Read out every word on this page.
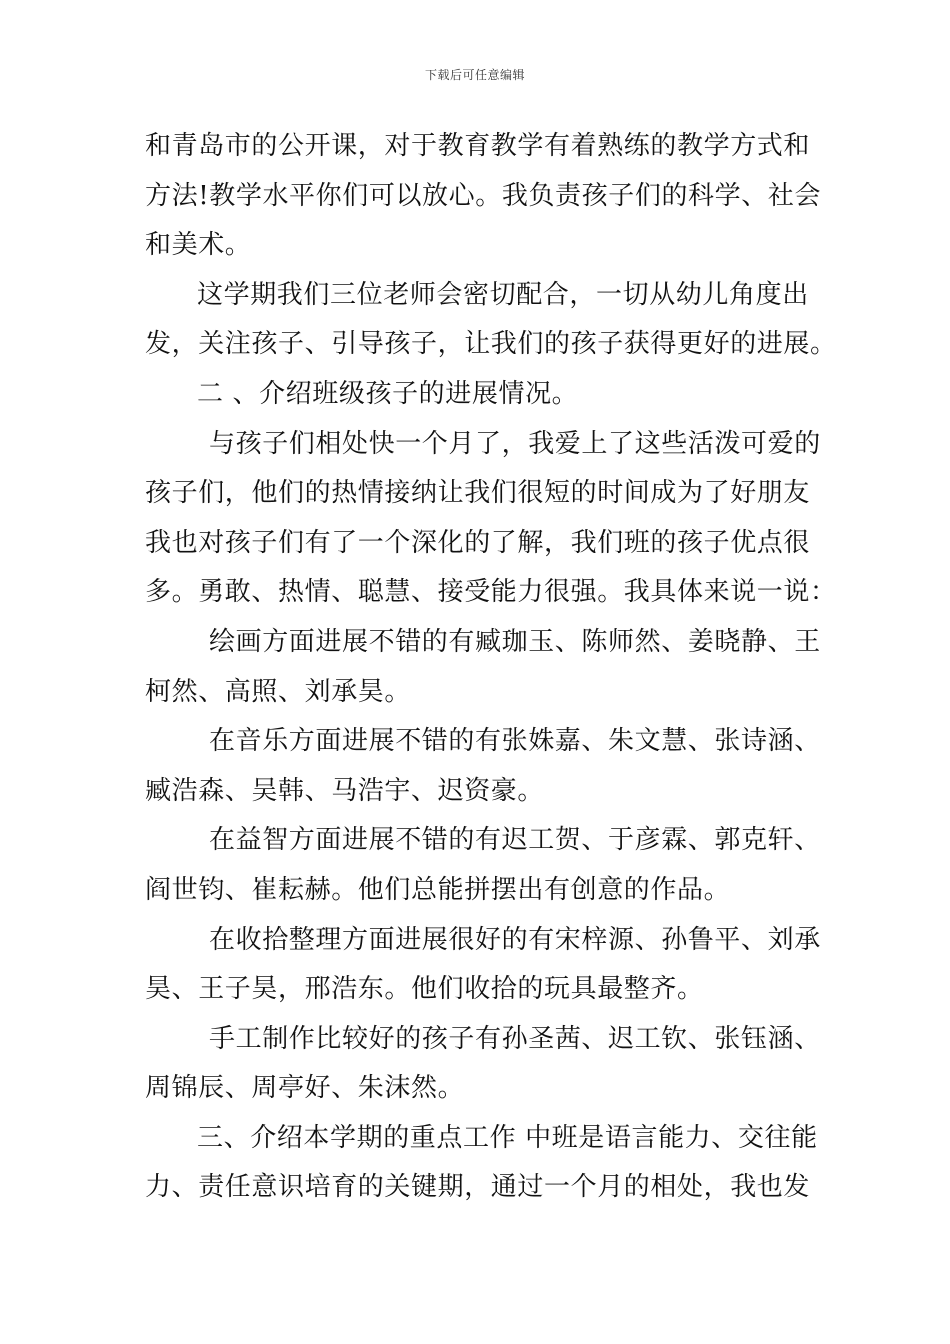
下载后可任意编辑
和青岛市的公开课，对于教育教学有着熟练的教学方式和
方法!教学水平你们可以放心。我负责孩子们的科学、社会
和美术。
这学期我们三位老师会密切配合，一切从幼儿角度出
发，关注孩子、引导孩子，让我们的孩子获得更好的进展。
二 、介绍班级孩子的进展情况。
与孩子们相处快一个月了，我爱上了这些活泼可爱的
孩子们，他们的热情接纳让我们很短的时间成为了好朋友
我也对孩子们有了一个深化的了解，我们班的孩子优点很
多。勇敢、热情、聪慧、接受能力很强。我具体来说一说：
绘画方面进展不错的有臧珈玉、陈师然、姜晓静、王
柯然、高照、刘承昊。
在音乐方面进展不错的有张姝嘉、朱文慧、张诗涵、
臧浩森、吴韩、马浩宇、迟资豪。
在益智方面进展不错的有迟工贺、于彦霖、郭克轩、
阎世钧、崔耘赫。他们总能拼摆出有创意的作品。
在收拾整理方面进展很好的有宋梓源、孙鲁平、刘承
昊、王子昊，邢浩东。他们收拾的玩具最整齐。
手工制作比较好的孩子有孙圣茜、迟工钦、张钰涵、
周锦辰、周亭好、朱沫然。
三、介绍本学期的重点工作 中班是语言能力、交往能
力、责任意识培育的关键期，通过一个月的相处，我也发
